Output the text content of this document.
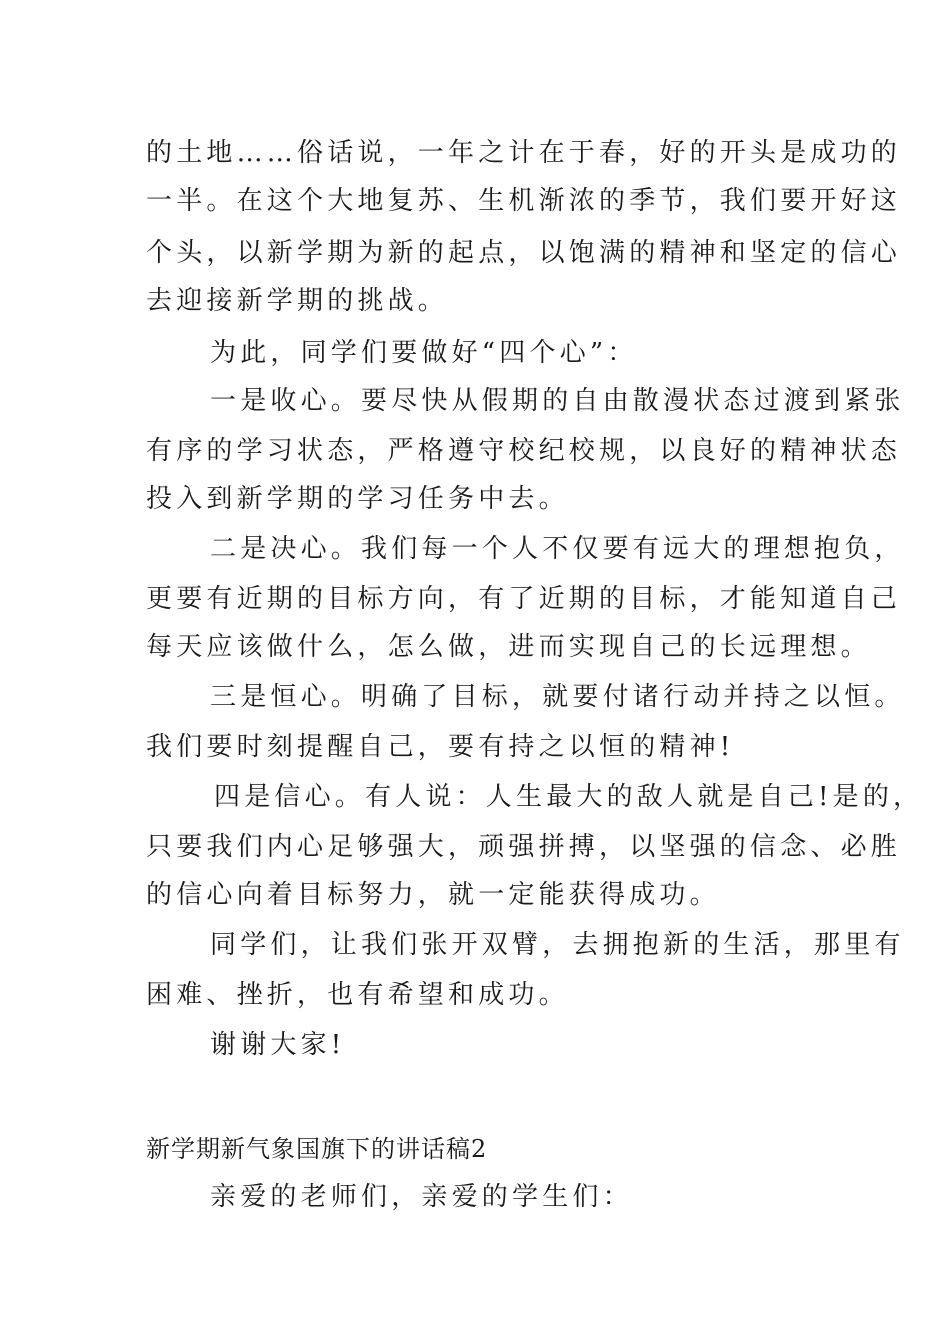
的土地……俗话说，一年之计在于春，好的开头是成功的
一半。在这个大地复苏、生机渐浓的季节，我们要开好这
个头，以新学期为新的起点，以饱满的精神和坚定的信心
去迎接新学期的挑战。
为此，同学们要做好“四个心”：
一是收心。要尽快从假期的自由散漫状态过渡到紧张
有序的学习状态，严格遵守校纪校规，以良好的精神状态
投入到新学期的学习任务中去。
二是决心。我们每一个人不仅要有远大的理想抱负，
更要有近期的目标方向，有了近期的目标，才能知道自己
每天应该做什么，怎么做，进而实现自己的长远理想。
三是恒心。明确了目标，就要付诸行动并持之以恒。
我们要时刻提醒自己，要有持之以恒的精神!
四是信心。有人说：人生最大的敌人就是自己!是的，
只要我们内心足够强大，顽强拼搏，以坚强的信念、必胜
的信心向着目标努力，就一定能获得成功。
同学们，让我们张开双臂，去拥抱新的生活，那里有
困难、挫折，也有希望和成功。
谢谢大家!
新学期新气象国旗下的讲话稿2
亲爱的老师们，亲爱的学生们：
